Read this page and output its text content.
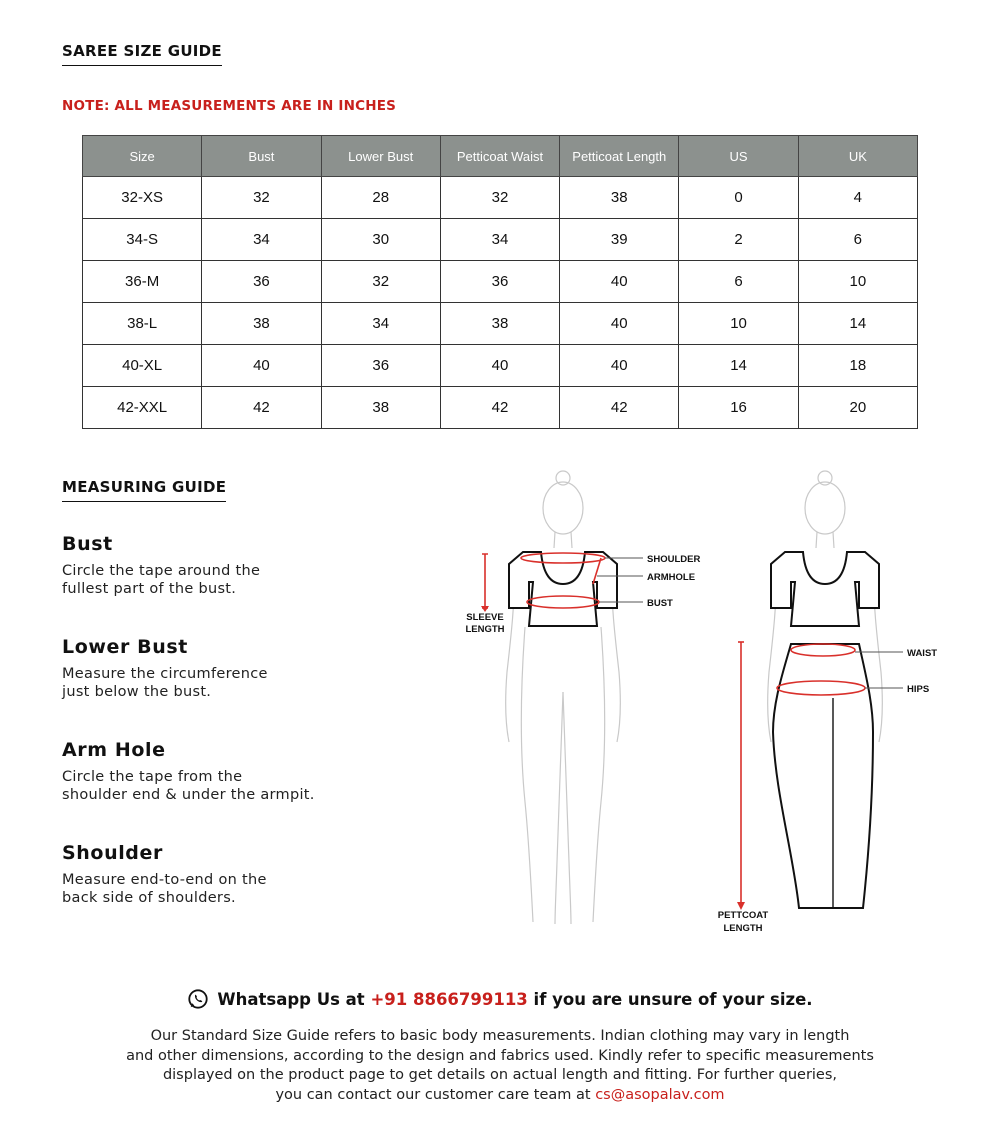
SAREE SIZE GUIDE
NOTE: ALL MEASUREMENTS ARE IN INCHES
Size	Bust	Lower Bust	Petticoat Waist	Petticoat Length	US	UK
32-XS	32	28	32	38	0	4
34-S	34	30	34	39	2	6
36-M	36	32	36	40	6	10
38-L	38	34	38	40	10	14
40-XL	40	36	40	40	14	18
42-XXL	42	38	42	42	16	20
MEASURING GUIDE
Bust
Circle the tape around the
fullest part of the bust.
Lower Bust
Measure the circumference
just below the bust.
Arm Hole
Circle the tape from the
shoulder end & under the armpit.
Shoulder
Measure end-to-end on the
back side of shoulders.
SHOULDER
ARMHOLE
BUST
SLEEVE
LENGTH
WAIST
HIPS
PETTCOAT
LENGTH
Whatsapp Us at +91 8866799113 if you are unsure of your size.
Our Standard Size Guide refers to basic body measurements. Indian clothing may vary in length
and other dimensions, according to the design and fabrics used. Kindly refer to specific measurements
displayed on the product page to get details on actual length and fitting. For further queries,
you can contact our customer care team at cs@asopalav.com
